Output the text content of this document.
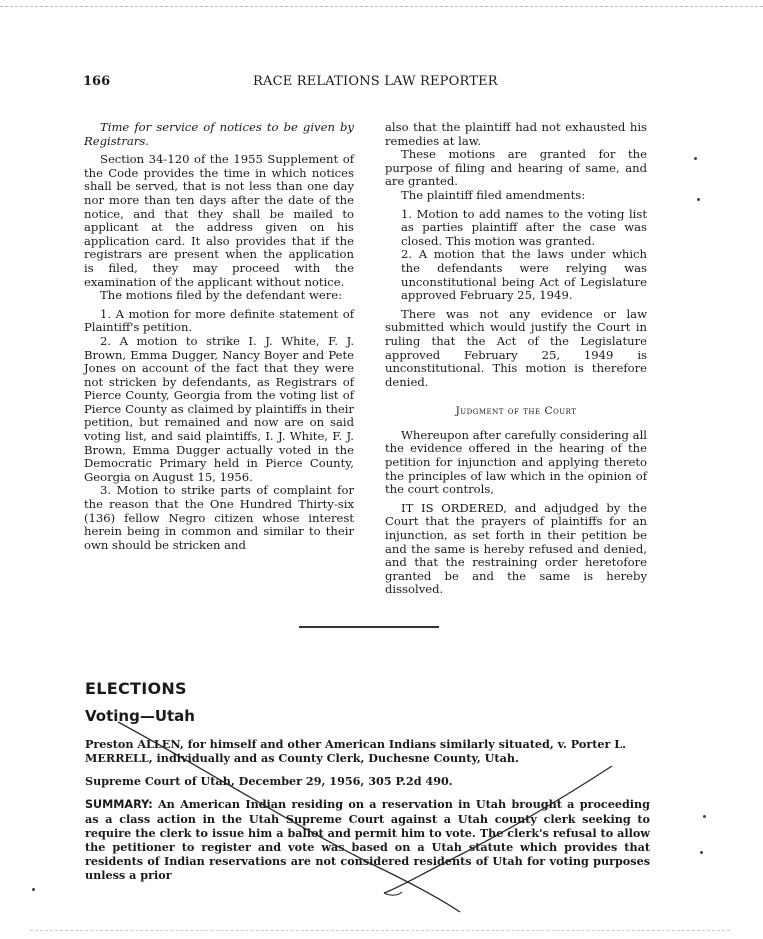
166	RACE RELATIONS LAW REPORTER

Time for service of notices to be given by Registrars.

Section 34-120 of the 1955 Supplement of the Code provides the time in which notices shall be served, that is not less than one day nor more than ten days after the date of the notice, and that they shall be mailed to applicant at the address given on his application card. It also provides that if the registrars are present when the application is filed, they may proceed with the examination of the applicant without notice.

The motions filed by the defendant were:

1. A motion for more definite statement of Plaintiff's petition.

2. A motion to strike I. J. White, F. J. Brown, Emma Dugger, Nancy Boyer and Pete Jones on account of the fact that they were not stricken by defendants, as Registrars of Pierce County, Georgia from the voting list of Pierce County as claimed by plaintiffs in their petition, but remained and now are on said voting list, and said plaintiffs, I. J. White, F. J. Brown, Emma Dugger actually voted in the Democratic Primary held in Pierce County, Georgia on August 15, 1956.

3. Motion to strike parts of complaint for the reason that the One Hundred Thirty-six (136) fellow Negro citizen whose interest herein being in common and similar to their own should be stricken and

also that the plaintiff had not exhausted his remedies at law.

These motions are granted for the purpose of filing and hearing of same, and are granted.

The plaintiff filed amendments:

1. Motion to add names to the voting list as parties plaintiff after the case was closed. This motion was granted.

2. A motion that the laws under which the defendants were relying was unconstitutional being Act of Legislature approved February 25, 1949.

There was not any evidence or law submitted which would justify the Court in ruling that the Act of the Legislature approved February 25, 1949 is unconstitutional. This motion is therefore denied.

Judgment of the Court

Whereupon after carefully considering all the evidence offered in the hearing of the petition for injunction and applying thereto the principles of law which in the opinion of the court controls,

IT IS ORDERED, and adjudged by the Court that the prayers of plaintiffs for an injunction, as set forth in their petition be and the same is hereby refused and denied, and that the restraining order heretofore granted be and the same is hereby dissolved.

ELECTIONS
Voting—Utah
Preston ALLEN, for himself and other American Indians similarly situated, v. Porter L. MERRELL, individually and as County Clerk, Duchesne County, Utah.
Supreme Court of Utah, December 29, 1956, 305 P.2d 490.
SUMMARY: An American Indian residing on a reservation in Utah brought a proceeding as a class action in the Utah Supreme Court against a Utah county clerk seeking to require the clerk to issue him a ballot and permit him to vote. The clerk's refusal to allow the petitioner to register and vote was based on a Utah statute which provides that residents of Indian reservations are not considered residents of Utah for voting purposes unless a prior
